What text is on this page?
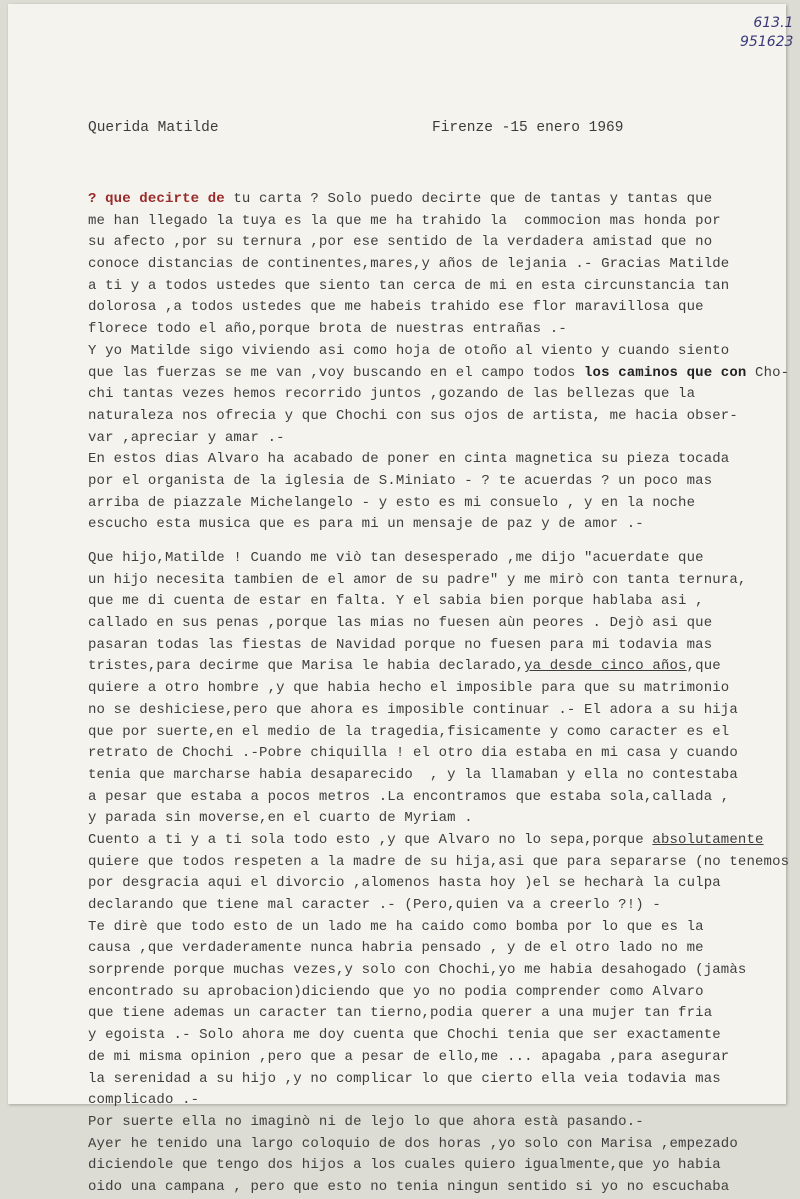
613.1
951623
Querida Matilde	Firenze -15 enero 1969
? que decirte de tu carta ? Solo puedo decirte que de tantas y tantas que
me han llegado la tuya es la que me ha trahido la  commocion mas honda por
su afecto ,por su ternura ,por ese sentido de la verdadera amistad que no
conoce distancias de continentes,mares,y años de lejania .- Gracias Matilde
a ti y a todos ustedes que siento tan cerca de mi en esta circunstancia tan
dolorosa ,a todos ustedes que me habeis trahido ese flor maravillosa que
florece todo el año,porque brota de nuestras entrañas .-
Y yo Matilde sigo viviendo asi como hoja de otoño al viento y cuando siento
que las fuerzas se me van ,voy buscando en el campo todos los caminos que con Cho-
chi tantas vezes hemos recorrido juntos ,gozando de las bellezas que la
naturaleza nos ofrecia y que Chochi con sus ojos de artista, me hacia obser-
var ,apreciar y amar .-
En estos dias Alvaro ha acabado de poner en cinta magnetica su pieza tocada
por el organista de la iglesia de S.Miniato - ? te acuerdas ? un poco mas
arriba de piazzale Michelangelo - y esto es mi consuelo , y en la noche
escucho esta musica que es para mi un mensaje de paz y de amor .-
Que hijo,Matilde ! Cuando me viò tan desesperado ,me dijo "acuerdate que
un hijo necesita tambien de el amor de su padre" y me mirò con tanta ternura,
que me di cuenta de estar en falta. Y el sabia bien porque hablaba asi ,
callado en sus penas ,porque las mias no fuesen aùn peores . Dejò asi que
pasaran todas las fiestas de Navidad porque no fuesen para mi todavia mas
tristes,para decirme que Marisa le habia declarado,ya desde cinco años,que
quiere a otro hombre ,y que habia hecho el imposible para que su matrimonio
no se deshiciese,pero que ahora es imposible continuar .- El adora a su hija
que por suerte,en el medio de la tragedia,fisicamente y como caracter es el
retrato de Chochi .-Pobre chiquilla ! el otro dia estaba en mi casa y cuando
tenia que marcharse habia desaparecido  , y la llamaban y ella no contestaba
a pesar que estaba a pocos metros .La encontramos que estaba sola,callada ,
y parada sin moverse,en el cuarto de Myriam .
Cuento a ti y a ti sola todo esto ,y que Alvaro no lo sepa,porque absolutamente
quiere que todos respeten a la madre de su hija,asi que para separarse (no tenemos
por desgracia aqui el divorcio ,alomenos hasta hoy )el se hecharà la culpa
declarando que tiene mal caracter .- (Pero,quien va a creerlo ?!) -
Te dirè que todo esto de un lado me ha caido como bomba por lo que es la
causa ,que verdaderamente nunca habria pensado , y de el otro lado no me
sorprende porque muchas vezes,y solo con Chochi,yo me habia desahogado (jamàs
encontrado su aprobacion)diciendo que yo no podia comprender como Alvaro
que tiene ademas un caracter tan tierno,podia querer a una mujer tan fria
y egoista .- Solo ahora me doy cuenta que Chochi tenia que ser exactamente
de mi misma opinion ,pero que a pesar de ello,me ... apagaba ,para asegurar
la serenidad a su hijo ,y no complicar lo que cierto ella veia todavia mas
complicado .-
Por suerte ella no imaginò ni de lejo lo que ahora està pasando.-
Ayer he tenido una largo coloquio de dos horas ,yo solo con Marisa ,empezado
diciendole que tengo dos hijos a los cuales quiero igualmente,que yo habia
oido una campana , pero que esto no tenia ningun sentido si yo no escuchaba
